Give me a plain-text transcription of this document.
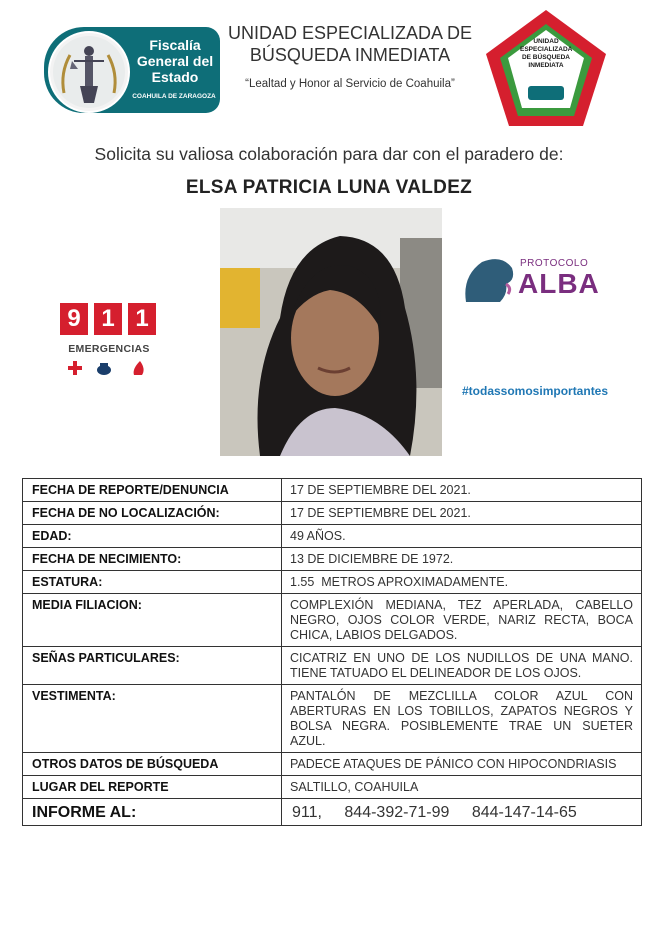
Fiscalía General del Estado
COAHUILA DE ZARAGOZA
UNIDAD ESPECIALIZADA DE BÚSQUEDA INMEDIATA
“Lealtad y Honor al Servicio de Coahuila”
UNIDAD ESPECIALIZADA DE BÚSQUEDA INMEDIATA
Solicita su valiosa colaboración para dar con el paradero de:
ELSA PATRICIA LUNA VALDEZ
9 1 1
EMERGENCIAS
PROTOCOLO
ALBA
#todassomosimportantes
FECHA DE REPORTE/DENUNCIA	17 DE SEPTIEMBRE DEL 2021.
FECHA DE NO LOCALIZACIÓN:	17 DE SEPTIEMBRE DEL 2021.
EDAD:	49 AÑOS.
FECHA DE NECIMIENTO:	13 DE DICIEMBRE DE 1972.
ESTATURA:	1.55  METROS APROXIMADAMENTE.
MEDIA FILIACION:	COMPLEXIÓN MEDIANA, TEZ APERLADA, CABELLO NEGRO, OJOS COLOR VERDE, NARIZ RECTA, BOCA CHICA, LABIOS DELGADOS.
SEÑAS PARTICULARES:	CICATRIZ EN UNO DE LOS NUDILLOS DE UNA MANO. TIENE TATUADO EL DELINEADOR DE LOS OJOS.
VESTIMENTA:	PANTALÓN DE MEZCLILLA COLOR AZUL CON ABERTURAS EN LOS TOBILLOS, ZAPATOS NEGROS Y BOLSA NEGRA. POSIBLEMENTE TRAE UN SUETER AZUL.
OTROS DATOS DE BÚSQUEDA	PADECE ATAQUES DE PÁNICO CON HIPOCONDRIASIS
LUGAR DEL REPORTE	SALTILLO, COAHUILA
INFORME AL:	911, 844-392-71-99 844-147-14-65
